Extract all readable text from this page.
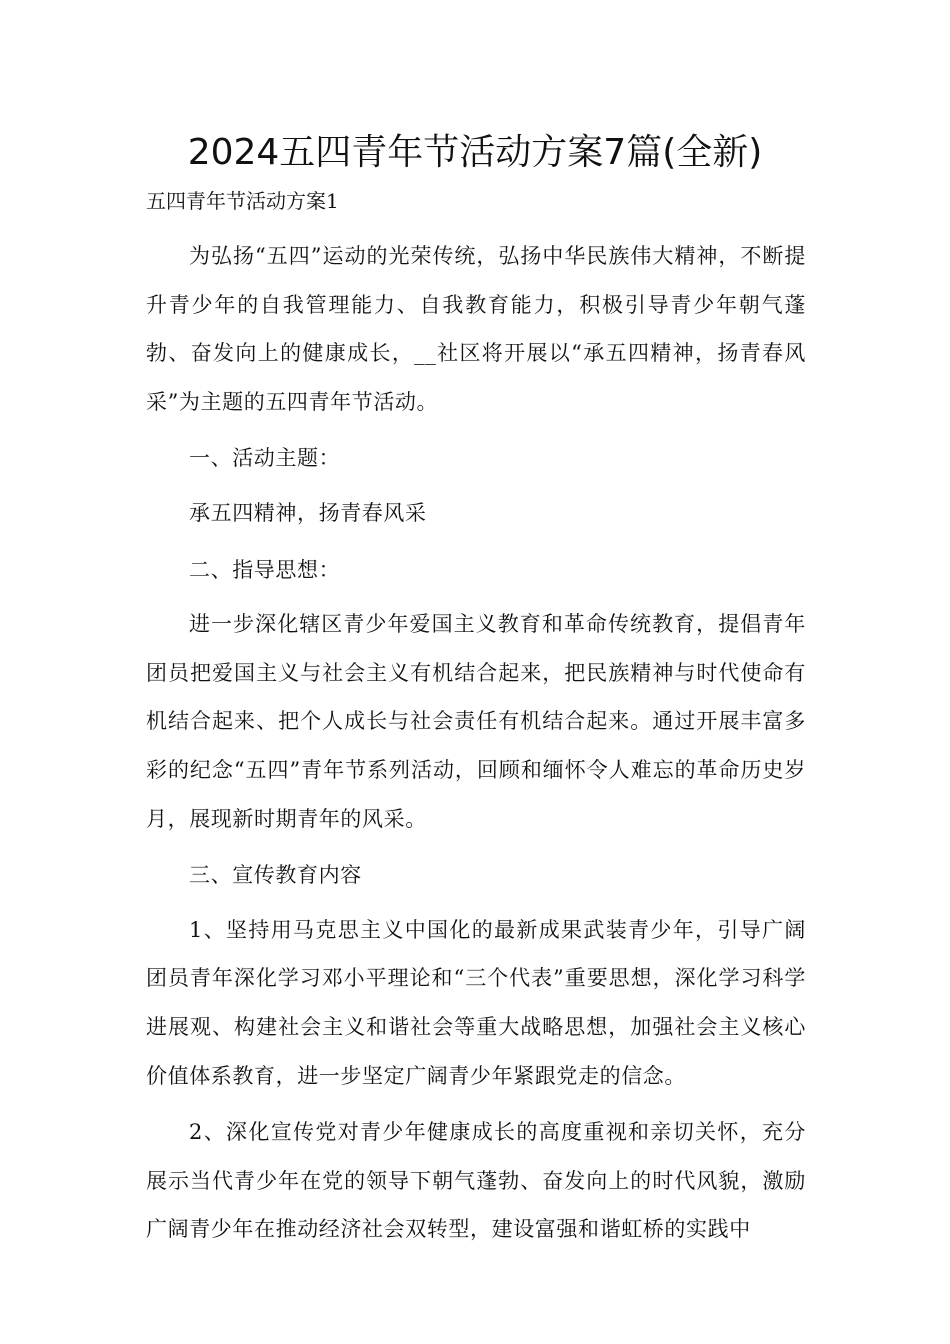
2024五四青年节活动方案7篇(全新)

五四青年节活动方案1

为弘扬“五四”运动的光荣传统，弘扬中华民族伟大精神，不断提升青少年的自我管理能力、自我教育能力，积极引导青少年朝气蓬勃、奋发向上的健康成长，__社区将开展以“承五四精神，扬青春风采”为主题的五四青年节活动。

一、活动主题：

承五四精神，扬青春风采

二、指导思想：

进一步深化辖区青少年爱国主义教育和革命传统教育，提倡青年团员把爱国主义与社会主义有机结合起来，把民族精神与时代使命有机结合起来、把个人成长与社会责任有机结合起来。通过开展丰富多彩的纪念“五四”青年节系列活动，回顾和缅怀令人难忘的革命历史岁月，展现新时期青年的风采。

三、宣传教育内容

1、坚持用马克思主义中国化的最新成果武装青少年，引导广阔团员青年深化学习邓小平理论和“三个代表”重要思想，深化学习科学进展观、构建社会主义和谐社会等重大战略思想，加强社会主义核心价值体系教育，进一步坚定广阔青少年紧跟党走的信念。

2、深化宣传党对青少年健康成长的高度重视和亲切关怀，充分展示当代青少年在党的领导下朝气蓬勃、奋发向上的时代风貌，激励广阔青少年在推动经济社会双转型，建设富强和谐虹桥的实践中
